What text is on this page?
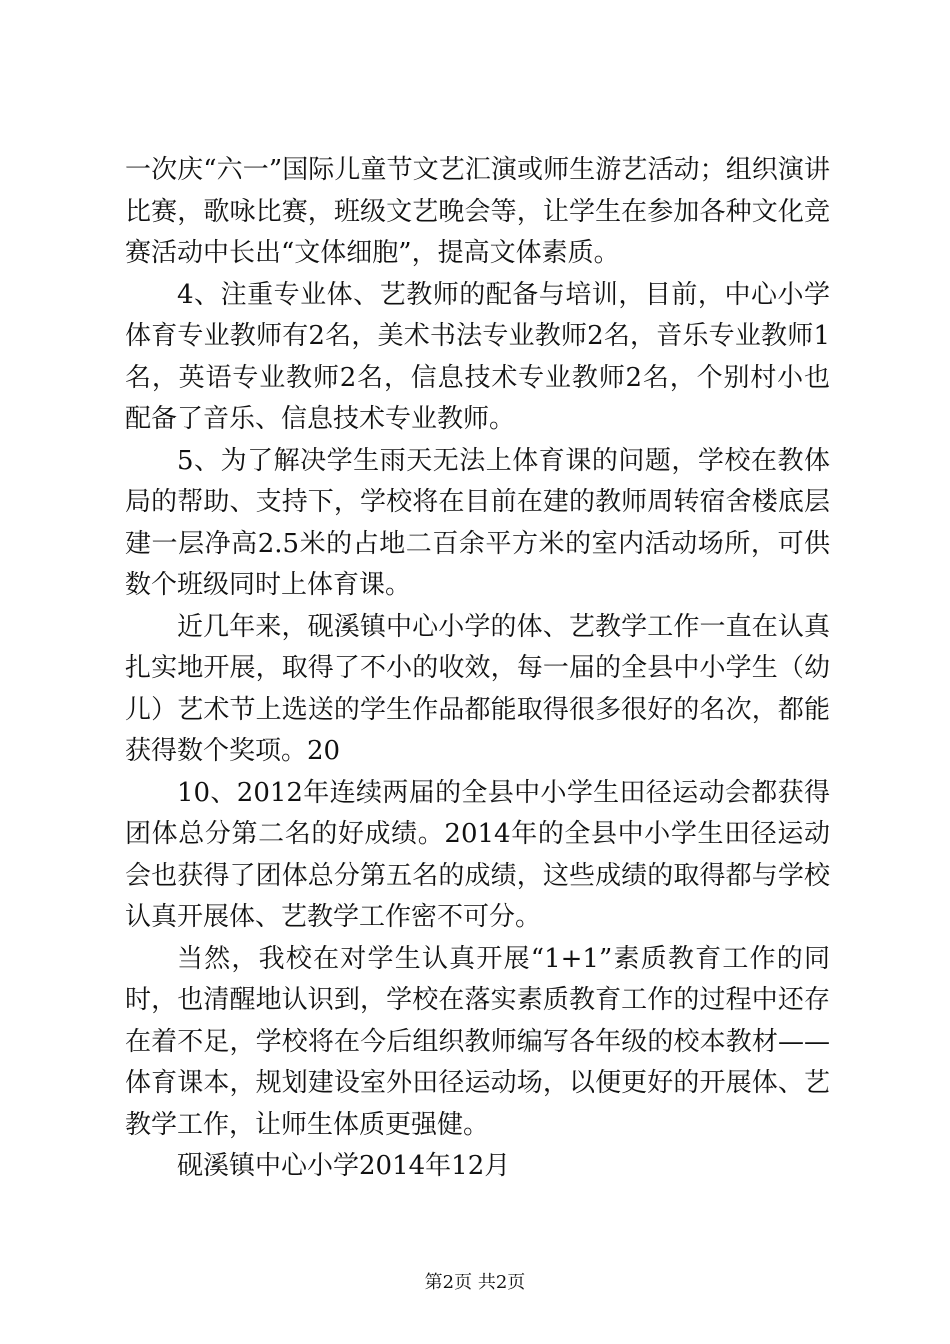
一次庆“六一”国际儿童节文艺汇演或师生游艺活动；组织演讲比赛，歌咏比赛，班级文艺晚会等，让学生在参加各种文化竞赛活动中长出“文体细胞”，提高文体素质。

4、注重专业体、艺教师的配备与培训，目前，中心小学体育专业教师有2名，美术书法专业教师2名，音乐专业教师1名，英语专业教师2名，信息技术专业教师2名，个别村小也配备了音乐、信息技术专业教师。

5、为了解决学生雨天无法上体育课的问题，学校在教体局的帮助、支持下，学校将在目前在建的教师周转宿舍楼底层建一层净高2.5米的占地二百余平方米的室内活动场所，可供数个班级同时上体育课。

近几年来，砚溪镇中心小学的体、艺教学工作一直在认真扎实地开展，取得了不小的收效，每一届的全县中小学生（幼儿）艺术节上选送的学生作品都能取得很多很好的名次，都能获得数个奖项。20

10、2012年连续两届的全县中小学生田径运动会都获得团体总分第二名的好成绩。2014年的全县中小学生田径运动会也获得了团体总分第五名的成绩，这些成绩的取得都与学校认真开展体、艺教学工作密不可分。

当然，我校在对学生认真开展“1+1”素质教育工作的同时，也清醒地认识到，学校在落实素质教育工作的过程中还存在着不足，学校将在今后组织教师编写各年级的校本教材——体育课本，规划建设室外田径运动场，以便更好的开展体、艺教学工作，让师生体质更强健。

砚溪镇中心小学2014年12月

第2页 共2页
